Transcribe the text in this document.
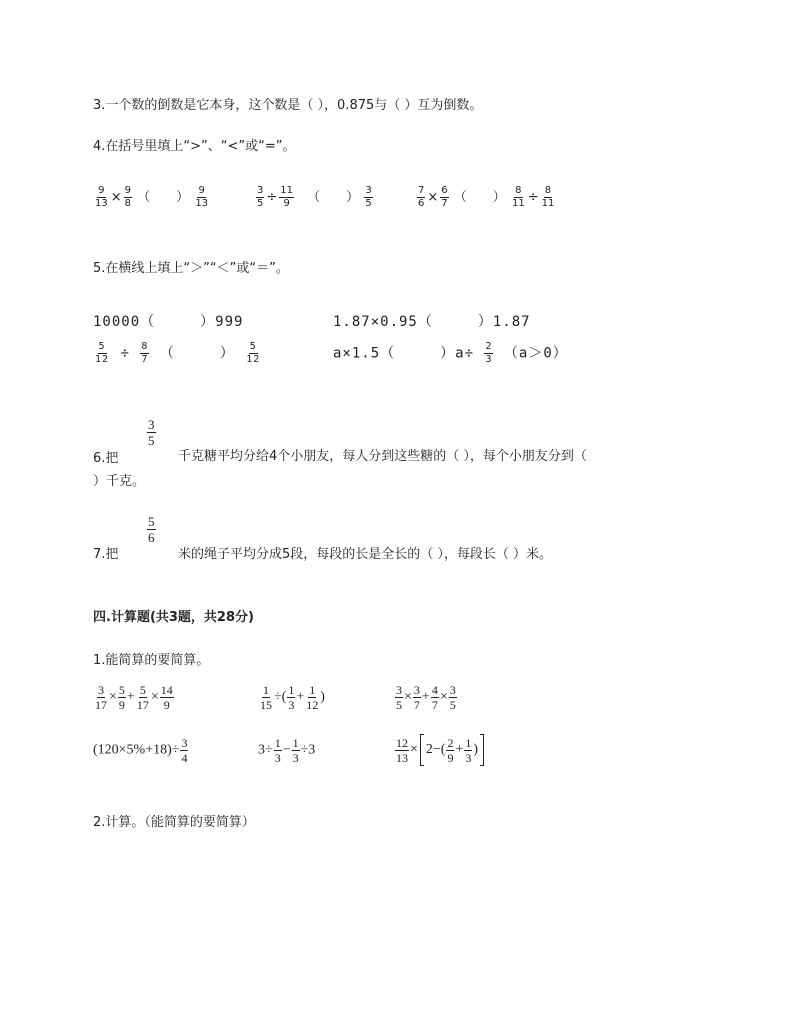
3.一个数的倒数是它本身，这个数是（ ），0.875与（ ）互为倒数。
4.在括号里填上“>”、“<”或“=”。
$\frac{9}{13} \times \frac{9}{8}$ （　　） $\frac{9}{13}$	$\frac{3}{5} \div \frac{11}{9}$ （　　） $\frac{3}{5}$	$\frac{7}{6} \times \frac{6}{7}$ （　　） $\frac{8}{11} \div \frac{8}{11}$
5.在横线上填上“＞”“＜”或“＝”。
10000（　　　）999	1.87×0.95（　　　）1.87
$\frac{5}{12} \div \frac{8}{7}$ （　　　） $\frac{5}{12}$	a×1.5（　　　）$a\div \frac{2}{3} (a>0)$
$\frac{3}{5}$
6.把	千克糖平均分给4个小朋友，每人分到这些糖的（ ），每个小朋友分到（
）千克。
$\frac{5}{6}$
7.把	米的绳子平均分成5段，每段的长是全长的（ ），每段长（ ）米。
四.计算题(共3题，共28分)
1.能简算的要简算。
$\frac{3}{17} \times \frac{5}{9} + \frac{5}{17} \times \frac{14}{9}$	$\frac{1}{15}$ ÷( $\frac{1}{3} + \frac{1}{12}$ )	$\frac{3}{5} \times \frac{3}{7} + \frac{4}{7} \times \frac{3}{5}$
$(120\times 5\%+18)\div \frac{3}{4}$	$3\div \frac{1}{3} - \frac{1}{3} \div 3$	$\frac{12}{13} \times 2-( \frac{2}{9} + \frac{1}{3}$ )
2.计算。（能简算的要简算）
